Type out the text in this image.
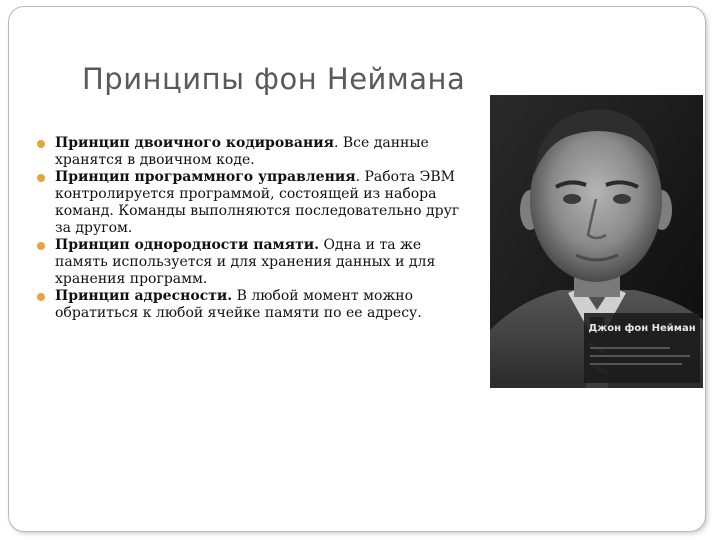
Принципы фон Неймана
Принцип двоичного кодирования. Все данные хранятся в двоичном коде.
Принцип программного управления. Работа ЭВМ контролируется программой, состоящей из набора команд. Команды выполняются последовательно друг за другом.
Принцип однородности памяти. Одна и та же память используется и для хранения данных и для хранения программ.
Принцип адресности. В любой момент можно обратиться к любой ячейке памяти по ее адресу.
Джон фон Нейман
